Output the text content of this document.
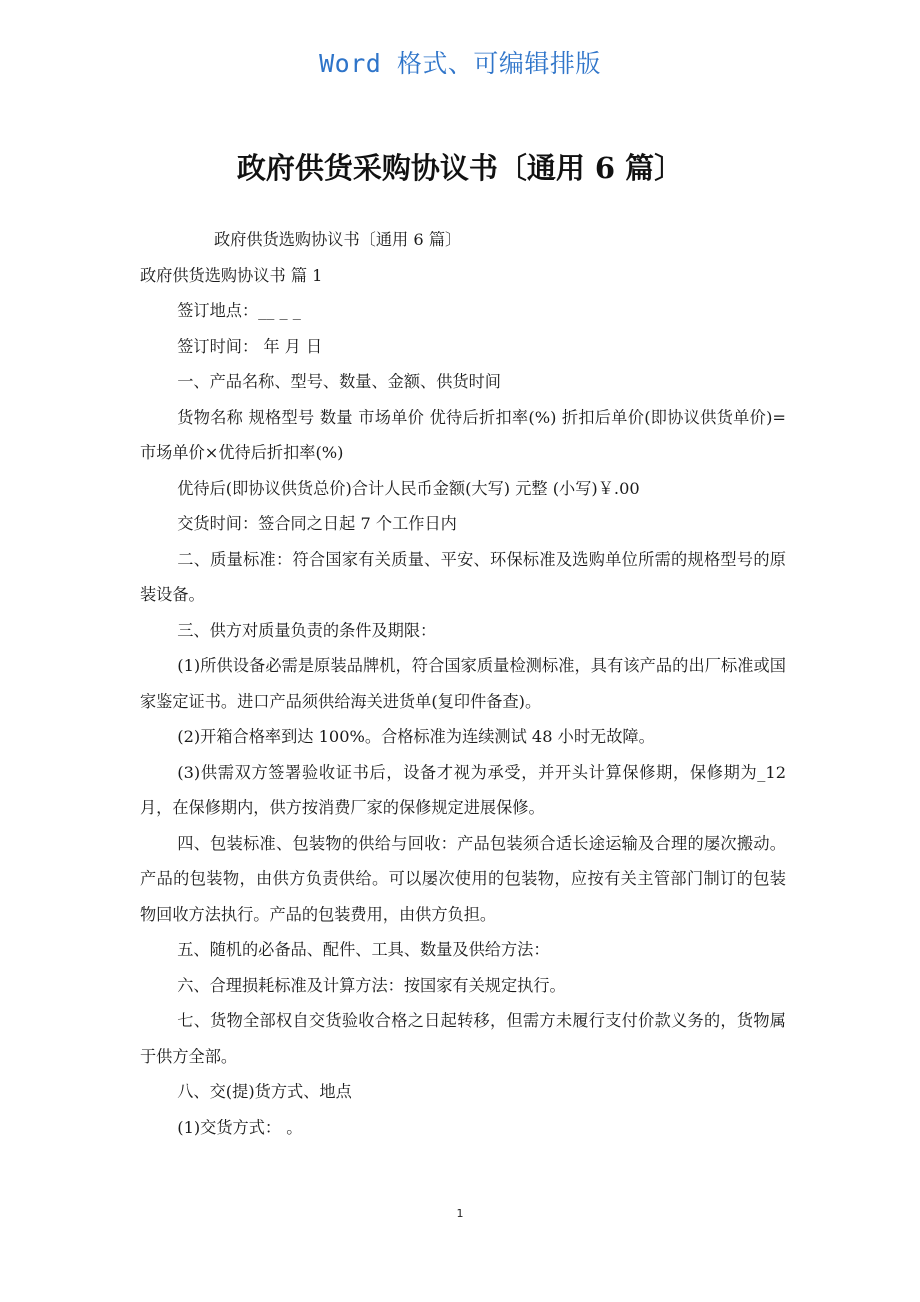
Word 格式、可编辑排版
政府供货采购协议书〔通用 6 篇〕

政府供货选购协议书〔通用 6 篇〕

政府供货选购协议书 篇 1

签订地点：__ _ _

签订时间： 年 月 日

一、产品名称、型号、数量、金额、供货时间

货物名称 规格型号 数量 市场单价 优待后折扣率(%) 折扣后单价(即协议供货单价)=市场单价×优待后折扣率(%)

优待后(即协议供货总价)合计人民币金额(大写) 元整 (小写)￥.00

交货时间：签合同之日起 7 个工作日内

二、质量标准：符合国家有关质量、平安、环保标准及选购单位所需的规格型号的原装设备。

三、供方对质量负责的条件及期限：

(1)所供设备必需是原装品牌机，符合国家质量检测标准，具有该产品的出厂标准或国家鉴定证书。进口产品须供给海关进货单(复印件备查)。

(2)开箱合格率到达 100%。合格标准为连续测试 48 小时无故障。

(3)供需双方签署验收证书后，设备才视为承受，并开头计算保修期，保修期为_12 月，在保修期内，供方按消费厂家的保修规定进展保修。

四、包装标准、包装物的供给与回收：产品包装须合适长途运输及合理的屡次搬动。产品的包装物，由供方负责供给。可以屡次使用的包装物，应按有关主管部门制订的包装物回收方法执行。产品的包装费用，由供方负担。

五、随机的必备品、配件、工具、数量及供给方法：

六、合理损耗标准及计算方法：按国家有关规定执行。

七、货物全部权自交货验收合格之日起转移，但需方未履行支付价款义务的，货物属于供方全部。

八、交(提)货方式、地点

(1)交货方式： 。

1
